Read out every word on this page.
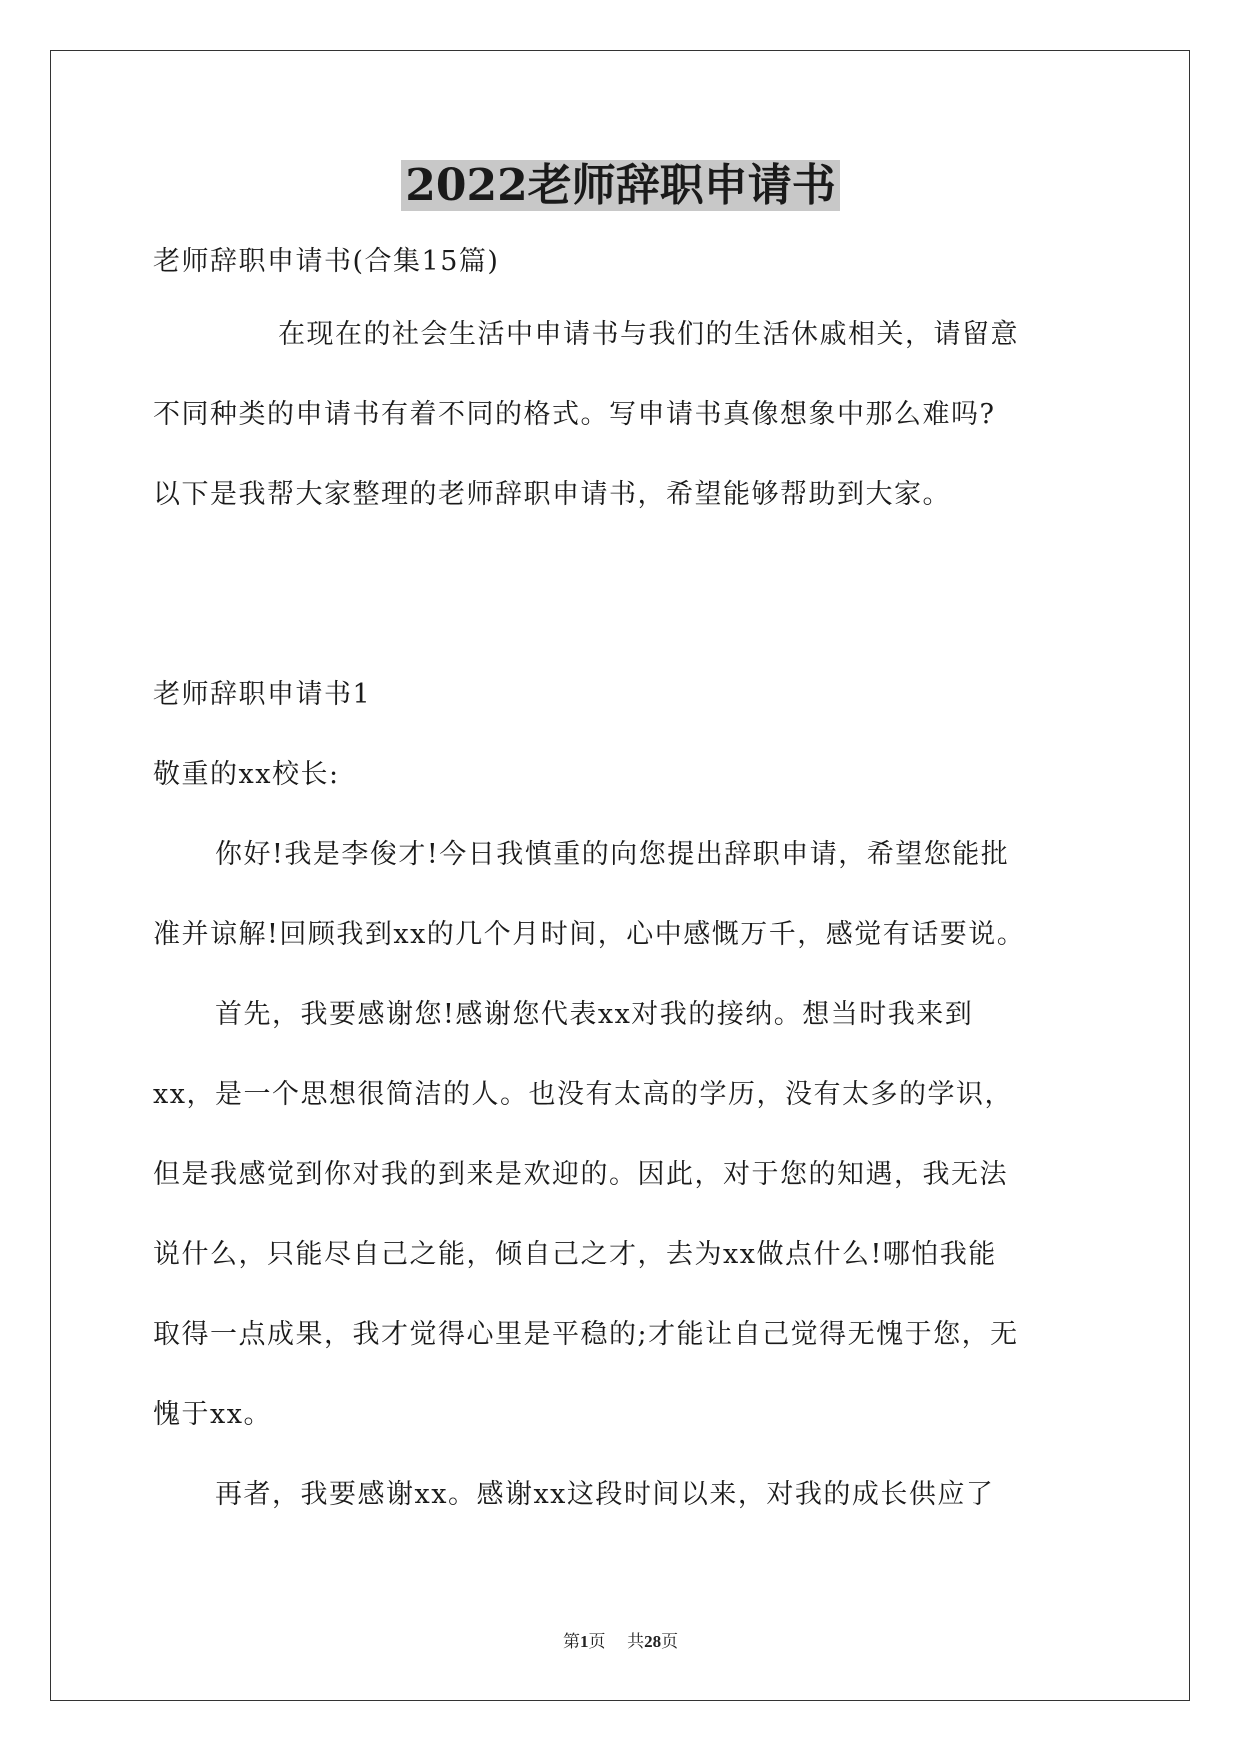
2022老师辞职申请书
老师辞职申请书(合集15篇)
在现在的社会生活中申请书与我们的生活休戚相关，请留意
不同种类的申请书有着不同的格式。写申请书真像想象中那么难吗?
以下是我帮大家整理的老师辞职申请书，希望能够帮助到大家。
老师辞职申请书1
敬重的xx校长:
你好!我是李俊才!今日我慎重的向您提出辞职申请，希望您能批
准并谅解!回顾我到xx的几个月时间，心中感慨万千，感觉有话要说。
首先，我要感谢您!感谢您代表xx对我的接纳。想当时我来到
xx，是一个思想很简洁的人。也没有太高的学历，没有太多的学识，
但是我感觉到你对我的到来是欢迎的。因此，对于您的知遇，我无法
说什么，只能尽自己之能，倾自己之才，去为xx做点什么!哪怕我能
取得一点成果，我才觉得心里是平稳的;才能让自己觉得无愧于您，无
愧于xx。
再者，我要感谢xx。感谢xx这段时间以来，对我的成长供应了
第1页 共28页
